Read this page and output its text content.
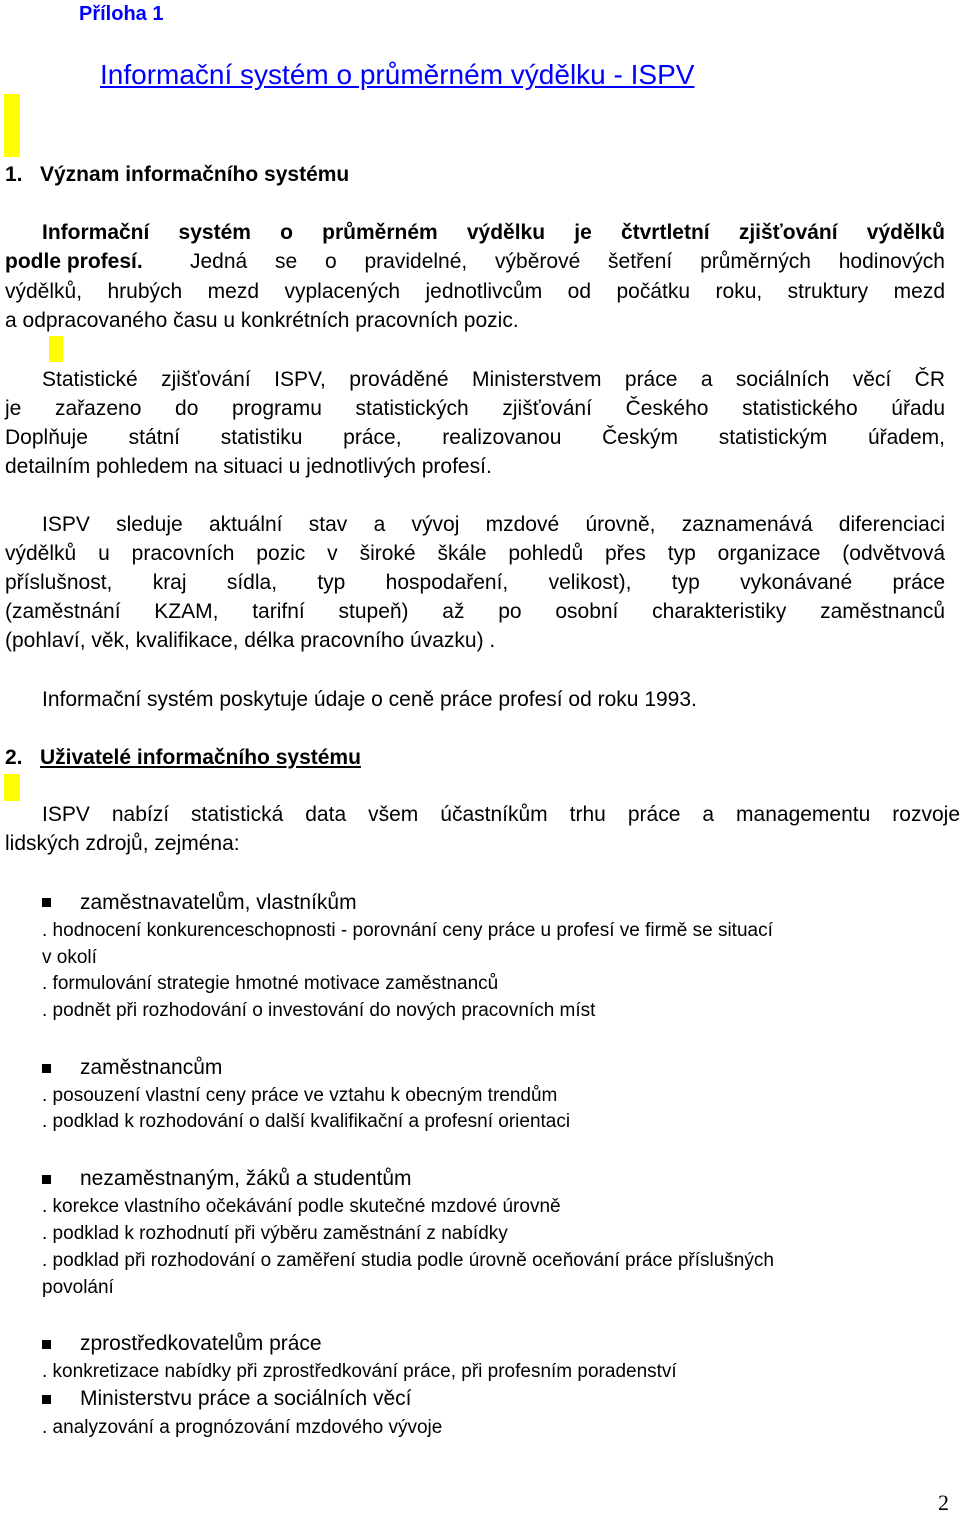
Příloha 1
Informační systém o průměrném výdělku - ISPV
1. Význam informačního systému
Informační systém o průměrném výdělku je čtvrtletní zjišťování výdělků
podle profesí. Jedná se o pravidelné, výběrové šetření průměrných hodinových
výdělků, hrubých mezd vyplacených jednotlivcům od počátku roku, struktury mezd
a odpracovaného času u konkrétních pracovních pozic.
Statistické zjišťování ISPV, prováděné Ministerstvem práce a sociálních věcí ČR
je zařazeno do programu statistických zjišťování Českého statistického úřadu
Doplňuje státní statistiku práce, realizovanou Českým statistickým úřadem,
detailním pohledem na situaci u jednotlivých profesí.
ISPV sleduje aktuální stav a vývoj mzdové úrovně, zaznamenává diferenciaci
výdělků u pracovních pozic v široké škále pohledů přes typ organizace (odvětvová
příslušnost, kraj sídla, typ hospodaření, velikost), typ vykonávané práce
(zaměstnání KZAM, tarifní stupeň) až po osobní charakteristiky zaměstnanců
(pohlaví, věk, kvalifikace, délka pracovního úvazku) .
Informační systém poskytuje údaje o ceně práce profesí od roku 1993.
2. Uživatelé informačního systému
ISPV nabízí statistická data všem účastníkům trhu práce a managementu rozvoje
lidských zdrojů, zejména:
zaměstnavatelům, vlastníkům
. hodnocení konkurenceschopnosti - porovnání ceny práce u profesí ve firmě se situací
v okolí
. formulování strategie hmotné motivace zaměstnanců
. podnět při rozhodování o investování do nových pracovních míst
zaměstnancům
. posouzení vlastní ceny práce ve vztahu k obecným trendům
. podklad k rozhodování o další kvalifikační a profesní orientaci
nezaměstnaným, žáků a studentům
. korekce vlastního očekávání podle skutečné mzdové úrovně
. podklad k rozhodnutí při výběru zaměstnání z nabídky
. podklad při rozhodování o zaměření studia podle úrovně oceňování práce příslušných
povolání
zprostředkovatelům práce
. konkretizace nabídky při zprostředkování práce, při profesním poradenství
Ministerstvu práce a sociálních věcí
. analyzování a prognózování mzdového vývoje
2
